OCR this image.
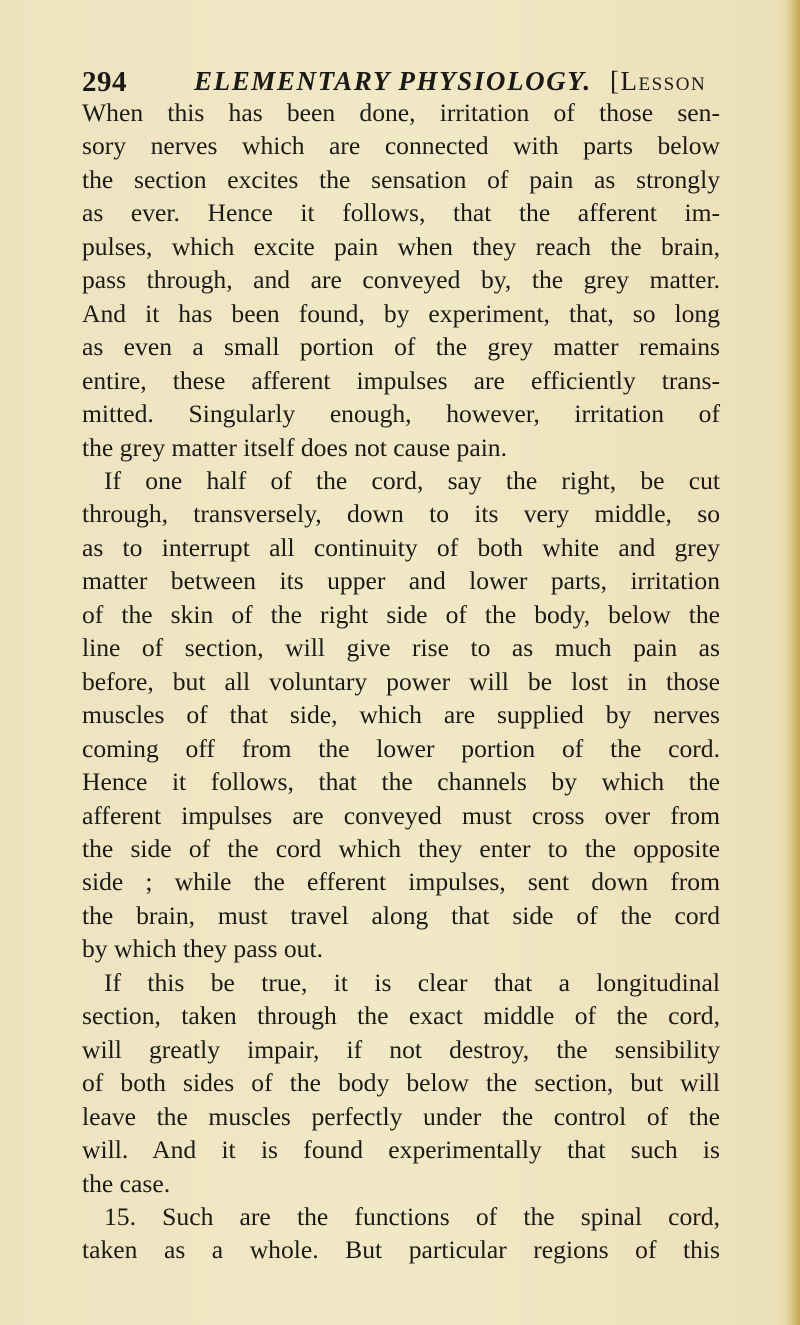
294 ELEMENTARY PHYSIOLOGY. [Lesson
When this has been done, irritation of those sen-
sory nerves which are connected with parts below
the section excites the sensation of pain as strongly
as ever. Hence it follows, that the afferent im-
pulses, which excite pain when they reach the brain,
pass through, and are conveyed by, the grey matter.
And it has been found, by experiment, that, so long
as even a small portion of the grey matter remains
entire, these afferent impulses are efficiently trans-
mitted. Singularly enough, however, irritation of
the grey matter itself does not cause pain.
If one half of the cord, say the right, be cut
through, transversely, down to its very middle, so
as to interrupt all continuity of both white and grey
matter between its upper and lower parts, irritation
of the skin of the right side of the body, below the
line of section, will give rise to as much pain as
before, but all voluntary power will be lost in those
muscles of that side, which are supplied by nerves
coming off from the lower portion of the cord.
Hence it follows, that the channels by which the
afferent impulses are conveyed must cross over from
the side of the cord which they enter to the opposite
side ; while the efferent impulses, sent down from
the brain, must travel along that side of the cord
by which they pass out.
If this be true, it is clear that a longitudinal
section, taken through the exact middle of the cord,
will greatly impair, if not destroy, the sensibility
of both sides of the body below the section, but will
leave the muscles perfectly under the control of the
will. And it is found experimentally that such is
the case.
15. Such are the functions of the spinal cord,
taken as a whole. But particular regions of this
